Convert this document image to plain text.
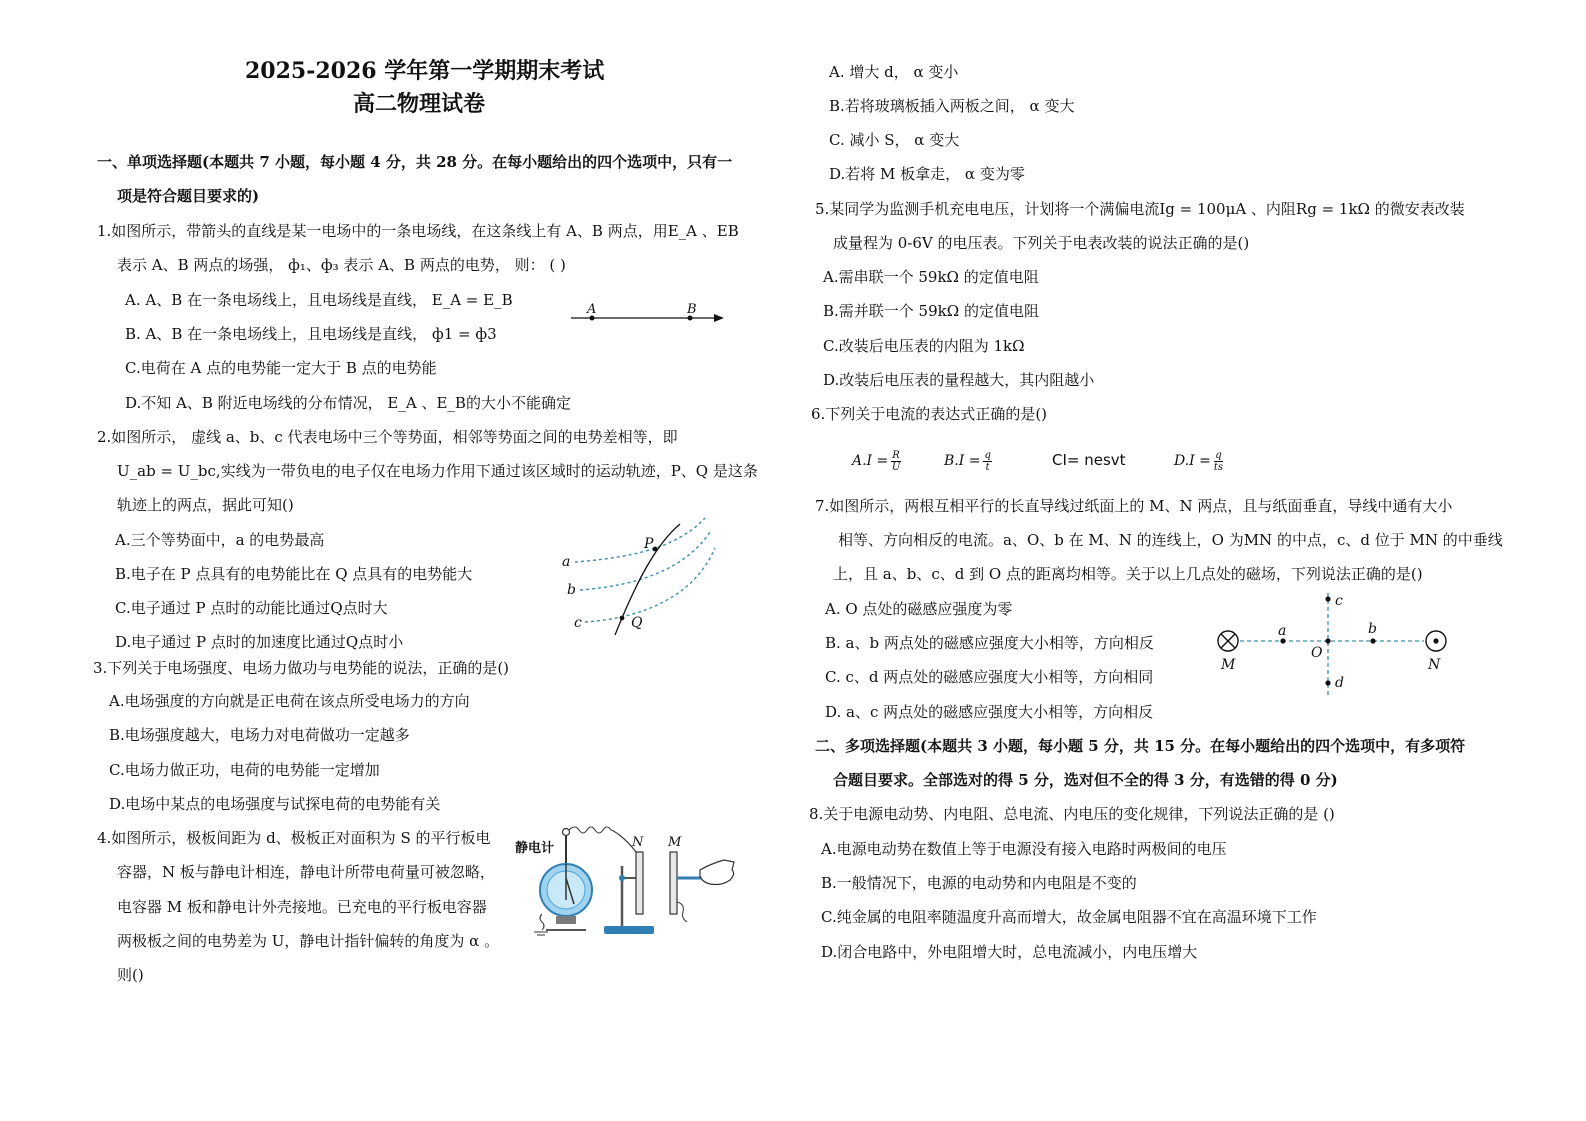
2025-2026 学年第一学期期末考试
高二物理试卷
一、单项选择题(本题共 7 小题，每小题 4 分，共 28 分。在每小题给出的四个选项中，只有一
项是符合题目要求的)
1.如图所示，带箭头的直线是某一电场中的一条电场线，在这条线上有 A、B 两点，用E_A 、EB
表示 A、B 两点的场强， ф₁、ф₃ 表示 A、B 两点的电势， 则： ( )
A. A、B 在一条电场线上，且电场线是直线， E_A = E_B
B. A、B 在一条电场线上，且电场线是直线， ф1 = ф3
C.电荷在 A 点的电势能一定大于 B 点的电势能
D.不知 A、B 附近电场线的分布情况， E_A 、E_B的大小不能确定
A	B
2.如图所示， 虚线 a、b、c 代表电场中三个等势面，相邻等势面之间的电势差相等，即
U_ab = U_bc,实线为一带负电的电子仅在电场力作用下通过该区域时的运动轨迹，P、Q 是这条
轨迹上的两点，据此可知()
A.三个等势面中，a 的电势最高
B.电子在 P 点具有的电势能比在 Q 点具有的电势能大
C.电子通过 P 点时的动能比通过Q点时大
D.电子通过 P 点时的加速度比通过Q点时小
a
b
c
P
Q
3.下列关于电场强度、电场力做功与电势能的说法，正确的是()
A.电场强度的方向就是正电荷在该点所受电场力的方向
B.电场强度越大，电场力对电荷做功一定越多
C.电场力做正功，电荷的电势能一定增加
D.电场中某点的电场强度与试探电荷的电势能有关
4.如图所示，极板间距为 d、极板正对面积为 S 的平行板电
容器，N 板与静电计相连，静电计所带电荷量可被忽略，
电容器 M 板和静电计外壳接地。已充电的平行板电容器
两极板之间的电势差为 U，静电计指针偏转的角度为 α 。
则()
静电计	N M
A. 增大 d， α 变小
B.若将玻璃板插入两板之间， α 变大
C. 减小 S， α 变大
D.若将 M 板拿走， α 变为零
5.某同学为监测手机充电电压，计划将一个满偏电流Ig = 100μA 、内阻Rg = 1kΩ 的微安表改装
成量程为 0-6V 的电压表。下列关于电表改装的说法正确的是()
A.需串联一个 59kΩ 的定值电阻
B.需并联一个 59kΩ 的定值电阻
C.改装后电压表的内阻为 1kΩ
D.改装后电压表的量程越大，其内阻越小
6.下列关于电流的表达式正确的是()
$A.I = \frac{R}{U}$	$B.I = \frac{q}{t}$	CI= nesvt	$D.I = \frac{q}{ts}$
7.如图所示，两根互相平行的长直导线过纸面上的 M、N 两点，且与纸面垂直，导线中通有大小
相等、方向相反的电流。a、O、b 在 M、N 的连线上，O 为MN 的中点，c、d 位于 MN 的中垂线
上，且 a、b、c、d 到 O 点的距离均相等。关于以上几点处的磁场，下列说法正确的是()
A. O 点处的磁感应强度为零
B. a、b 两点处的磁感应强度大小相等，方向相反
C. c、d 两点处的磁感应强度大小相等，方向相同
D. a、c 两点处的磁感应强度大小相等，方向相反
M	N
O
a	b
c
d
二、多项选择题(本题共 3 小题，每小题 5 分，共 15 分。在每小题给出的四个选项中，有多项符
合题目要求。全部选对的得 5 分，选对但不全的得 3 分，有选错的得 0 分)
8.关于电源电动势、内电阻、总电流、内电压的变化规律，下列说法正确的是 ()
A.电源电动势在数值上等于电源没有接入电路时两极间的电压
B.一般情况下，电源的电动势和内电阻是不变的
C.纯金属的电阻率随温度升高而增大，故金属电阻器不宜在高温环境下工作
D.闭合电路中，外电阻增大时，总电流减小，内电压增大
